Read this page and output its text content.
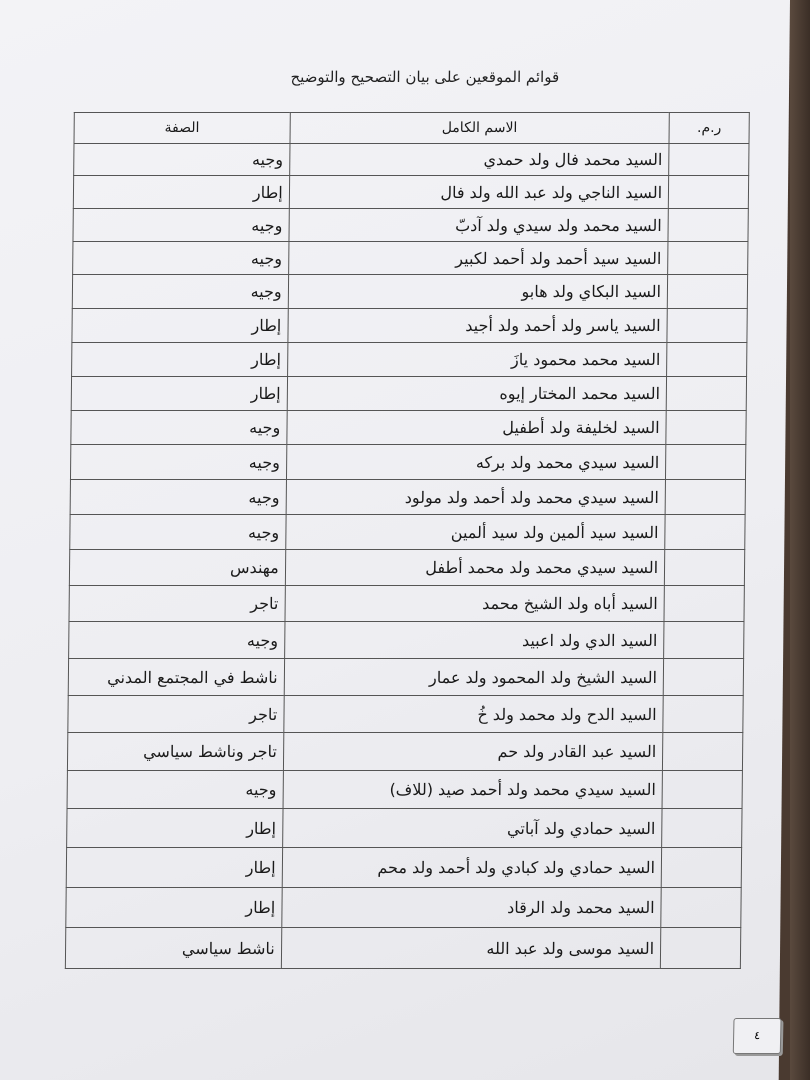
قوائم الموقعين على بيان التصحيح والتوضيح
ر.م.	الاسم الكامل	الصفة
	السيد محمد فال ولد حمدي	وجيه
	السيد الناجي ولد عبد الله ولد فال	إطار
	السيد محمد ولد سيدي ولد آدبّ	وجيه
	السيد سيد أحمد ولد أحمد لكبير	وجيه
	السيد البكاي ولد هابو	وجيه
	السيد ياسر ولد أحمد ولد أجيد	إطار
	السيد محمد محمود يازَ	إطار
	السيد محمد المختار إيوه	إطار
	السيد لخليفة ولد أطفيل	وجيه
	السيد سيدي محمد ولد بركه	وجيه
	السيد سيدي محمد ولد أحمد ولد مولود	وجيه
	السيد سيد ألمين ولد سيد ألمين	وجيه
	السيد سيدي محمد ولد محمد أطفل	مهندس
	السيد أباه ولد الشيخ محمد	تاجر
	السيد الدي ولد اعبيد	وجيه
	السيد الشيخ ولد المحمود ولد عمار	ناشط في المجتمع المدني
	السيد الدح ولد محمد ولد خُ	تاجر
	السيد عبد القادر ولد حم	تاجر وناشط سياسي
	السيد سيدي محمد ولد أحمد صيد (للاف)	وجيه
	السيد حمادي ولد آباتي	إطار
	السيد حمادي ولد كبادي ولد أحمد ولد محم	إطار
	السيد محمد ولد الرقاد	إطار
	السيد موسى ولد عبد الله	ناشط سياسي
٤
